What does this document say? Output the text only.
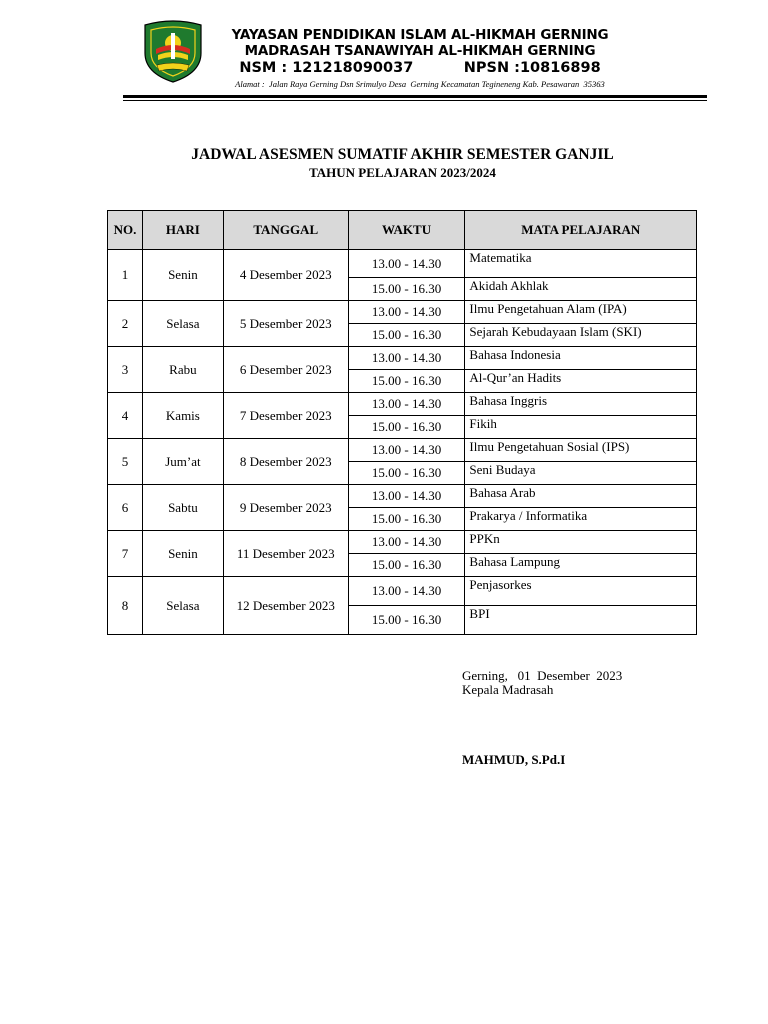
YAYASAN PENDIDIKAN ISLAM AL-HIKMAH GERNING
MADRASAH TSANAWIYAH AL-HIKMAH GERNING
NSM : 121218090037          NPSN :10816898
Alamat :  Jalan Raya Gerning Dsn Srimulyo Desa  Gerning Kecamatan Tegineneng Kab. Pesawaran  35363
JADWAL ASESMEN SUMATIF AKHIR SEMESTER GANJIL
TAHUN PELAJARAN 2023/2024
NO.	HARI	TANGGAL	WAKTU	MATA PELAJARAN
1	Senin	4 Desember 2023	13.00 - 14.30	Matematika
			15.00 - 16.30	Akidah Akhlak
2	Selasa	5 Desember 2023	13.00 - 14.30	Ilmu Pengetahuan Alam (IPA)
			15.00 - 16.30	Sejarah Kebudayaan Islam (SKI)
3	Rabu	6 Desember 2023	13.00 - 14.30	Bahasa Indonesia
			15.00 - 16.30	Al-Qur’an Hadits
4	Kamis	7 Desember 2023	13.00 - 14.30	Bahasa Inggris
			15.00 - 16.30	Fikih
5	Jum’at	8 Desember 2023	13.00 - 14.30	Ilmu Pengetahuan Sosial (IPS)
			15.00 - 16.30	Seni Budaya
6	Sabtu	9 Desember 2023	13.00 - 14.30	Bahasa Arab
			15.00 - 16.30	Prakarya / Informatika
7	Senin	11 Desember 2023	13.00 - 14.30	PPKn
			15.00 - 16.30	Bahasa Lampung
8	Selasa	12 Desember 2023	13.00 - 14.30	Penjasorkes
			15.00 - 16.30	BPI
Gerning,   01  Desember  2023
Kepala Madrasah
MAHMUD, S.Pd.I
